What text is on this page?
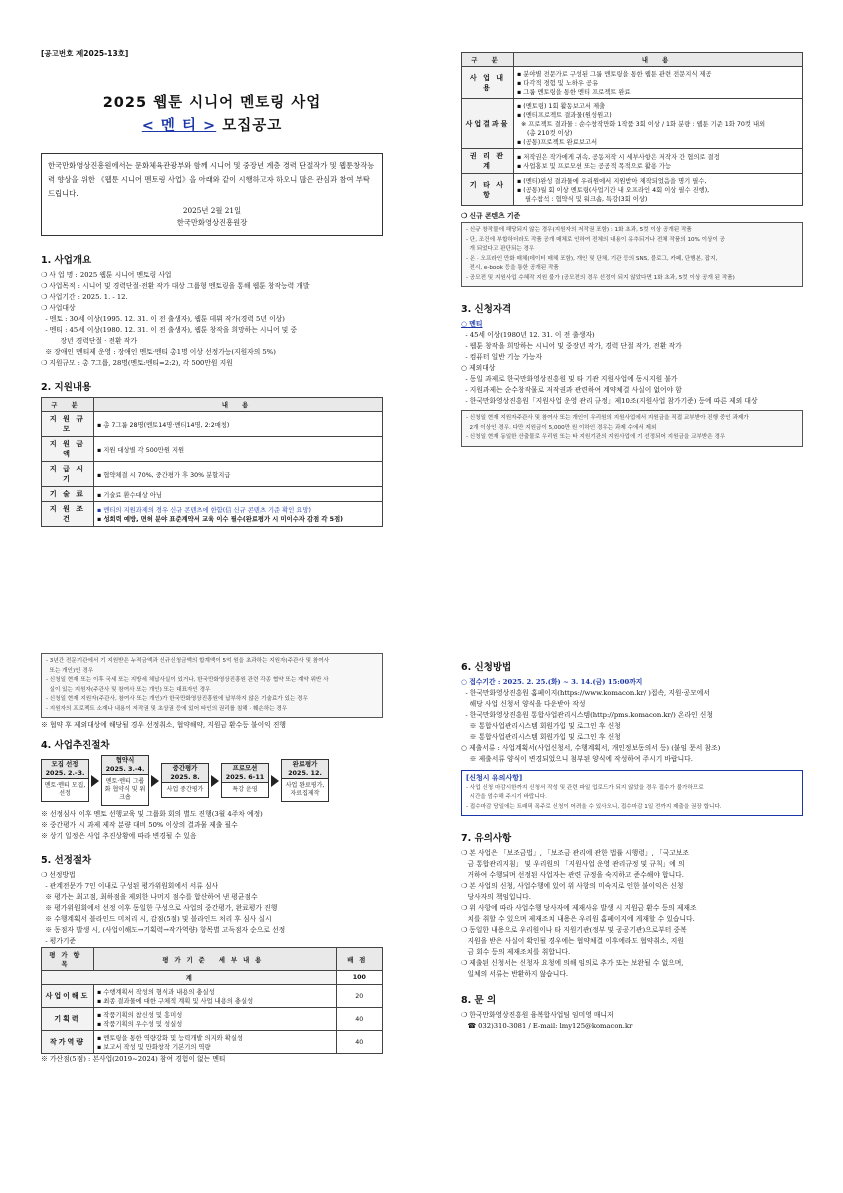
[공고번호 제2025-13호]
2025 웹툰 시니어 멘토링 사업
< 멘 티 > 모집공고
한국만화영상진흥원에서는 문화체육관광부와 함께 시니어 및 중장년 계층 경력 단절작가 및 웹툰창작능력 향상을 위한 《웹툰 시니어 멘토링 사업》을 아래와 같이 시행하고자 하오니 많은 관심과 참여 부탁드립니다.
2025년 2월 21일
한국만화영상진흥원장
1. 사업개요
❍ 사 업 명 : 2025 웹툰 시니어 멘토링 사업
❍ 사업목적 : 시니어 및 경력단절·전환 작가 대상 그룹형 멘토링을 통해 웹툰 창작능력 개발
❍ 사업기간 : 2025. 1. - 12.
❍ 사업대상
- 멘토 : 30세 이상(1995. 12. 31. 이 전 출생자), 웹툰 데뷔 작가(경력 5년 이상)
- 멘티 : 45세 이상(1980. 12. 31. 이 전 출생자), 웹툰 창작을 희망하는 시니어 및 중
장년 경력단절 · 전환 작가
※ 장애인 멘티제 운영 : 장애인 멘토·멘티 총1명 이상 선정가능(지원자의 5%)
❍ 지원규모 : 총 7그룹, 28명(멘토:멘티=2:2), 각 500만원 지원
2. 지원내용
구 분	내 용
지 원 규 모	▪ 총 7그룹 28명(멘토14명·멘티14명, 2:2매칭)
지 원 금 액	▪ 지원 대상별 각 500만원 지원
지 급 시 기	▪ 협약체결 시 70%, 중간평가 후 30% 분할지급
기 술 료	▪ 기술료 환수대상 아님
지 원 조 건	▪ 멘티의 지원과제의 경우 신규 콘텐츠에 한함(信 신규 콘텐츠 기준 확인 요망)
▪ 성희력 예방, 면허 분야 표준계약서 교육 이수 필수(완료평가 시 미이수자 감점 각 5점)
구 분	내 용
사 업 내 용	▪ 분야별 전문가로 구성된 그룹 멘토링을 통한 웹툰 관련 전문지식 제공
▪ 다각적 경험 및 노하우 공유
▪ 그룹 멘토링을 통한 멘티 프로젝트 완료

사업결과물	▪ (멘토링) 1회 활동보고서 제출
▪ (멘티프로젝트 결과물(원성원고)
※ 프로젝트 결과물 : 순수창작만화 1작품 3회 이상 / 1화 분량 : 웹툰 기준 1화 70컷 내외
(총 210컷 이상)
▪ (공통)프로젝트 완료보고서

권 리 관 계	▪ 저작권은 작가에게 귀속, 공동저작 시 세부사항은 저작자 간 협의로 결정
▪ 사업홍보 및 프로모션 또는 공공적 목적으로 활용 가능

기 타 사 항	▪ (멘티)완성 결과물에 우리원에서 지원받아 제작되었음을 명기 필수,
▪ (공통)월 회 이상 멘토링(사업기간 내 오프라인 4회 이상 필수 진행),
필수참석 : 협약식 및 워크숍, 특강(3회 이상)
❍ 신규 콘텐츠 기준
- 신규 창작물에 해당되지 않는 경우(지원자의 저작권 포함) : 1화 초과, 5컷 이상 공개된 작품
- 단, 조건에 부합하더라도 작품 공개 매체로 인하여 전체의 내용이 유추되거나 전체 작품의 10% 이상이 공
개 되었다고 판단되는 경우
- 온 · 오프라인 만화 매체(데이터 매체 포함), 개인 및 단체, 기관 등의 SNS, 블로그, 카페, 단행본, 잡지,
전시, e-book 등을 통한 공개된 작품
- 공모전 및 지원사업 수혜작 지원 불가 (공모전의 경우 선정이 되지 않았다면 1화 초과, 5컷 이상 공개 된 작품)
3. 신청자격
○ 멘티
- 45세 이상(1980년 12. 31. 이 전 출생자)
- 웹툰 창작을 희망하는 시니어 및 중장년 작가, 경력 단절 작가, 전환 작가
- 컴퓨터 일반 기능 가능자
○ 제외대상
- 동일 과제로 한국만화영상진흥원 및 타 기관 지원사업에 동시지원 불가
- 지원과제는 순수창작물로 저작권과 관련하여 계약체결 사실이 없어야 함
- 한국만화영상진흥원「지원사업 운영 관리 규정」제10조(지원사업 참가기준) 등에 따른 제외 대상
- 신청일 현재 지원자주관사 및 참여사 또는 개인이 우리원의 지원사업에서 지원금을 직접 교부받아 진행 중인 과제가
2개 이상인 경우. 다만 지원금이 5,000만 원 이하인 경우는 과제 수에서 제외
- 신청일 현재 동일한 산출물로 우리원 또는 타 지원기관의 지원사업에 기 선정되어 지원금을 교부받은 경우
- 3년간 전문기관에서 기 지원받은 누적금액과 신규신청금액의 합계액이 5억 원을 초과하는 지원자(주관사 및 참여사
또는 개인)인 경우
- 신청일 현재 또는 이후 국세 또는 지방세 체납사실이 있거나, 한국만화영상진흥원 관련 각종 협약 또는 계약 위반 사
실이 있는 지원자(주관사 및 참여사 또는 개인) 또는 대표자인 경우
- 신청일 현재 지원자(주관사, 참여사 또는 개인)가 한국만화영상진흥원에 납부하지 않은 기술료가 있는 경우
- 지원자의 프로젝트 소재나 내용이 저작권 및 초상권 등에 있어 타인의 권리를 침해 · 훼손하는 경우
※ 협약 후 제외대상에 해당될 경우 선정취소, 협약해약, 지원금 환수등 불이익 진행
4. 사업추진절차
모집 선정
2025. 2.-3.
멘토·멘티 모집,선정
협약식
2025. 3.-4.
멘토·멘티 그룹화 협약식 및 워크숍
중간평가
2025. 8.
사업 중간평가
프로모션
2025. 6-11
특강 운영
완료평가
2025. 12.
사업 완료평가, 자료집제작
※ 선정심사 이후 멘토 선행교육 및 그룹화 회의 별도 진행(3월 4주차 예정)
※ 중간평가 시 과제 제작 분량 대비 50% 이상의 결과물 제출 필수
※ 상기 일정은 사업 추진상황에 따라 변경될 수 있음
5. 선정절차
❍ 선정방법
- 관계전문가 7인 이내로 구성된 평가위원회에서 서류 심사
※ 평가는 최고점, 최하점을 제외한 나머지 점수를 합산하여 낸 평균점수
※ 평가위원회에서 선정 이후 동일한 구성으로 사업의 중간평가, 완료평가 진행
※ 수행계획서 블라인드 미처리 시, 감점(5점) 및 블라인드 처리 후 심사 실시
※ 동점자 발생 시, (사업이해도→기획력→작가역량) 항목별 고득점자 순으로 선정
- 평가기준
평가항목	평가기준 세부내용	배점
계		100
사업이해도	▪ 수행계획서 작성의 형식과 내용의 충실성
▪ 최종 결과물에 대한 구체적 계획 및 사업 내용의 충실성	20
기획력	▪ 작품기획의 참신성 및 흥미성
▪ 작품기획의 우수성 및 성실성	40
작가역량	▪ 멘토링을 통한 역량강화 및 능력개발 의지와 확실성
▪ 보고서 작성 및 만화창작 기본기의 역량	40
※ 가산점(5점) : 본사업(2019~2024) 참여 경험이 없는 멘티
6. 신청방법
○ 접수기간 : 2025. 2. 25.(화) ~ 3. 14.(금) 15:00까지
- 한국만화영상진흥원 홈페이지(https://www.komacon.kr/ )접속, 지원·공모에서
해당 사업 신청서 양식을 다운받아 작성
- 한국만화영상진흥원 통합사업관리시스템(http://pms.komacon.kr/) 온라인 신청
※ 통합사업관리시스템 회원가입 및 로그인 후 신청
※ 통합사업관리시스템 회원가입 및 로그인 후 신청
○ 제출서류 : 사업계획서(사업신청서, 수행계획서, 개인정보동의서 등) (붙임 문서 참조)
※ 제출서류 양식이 변경되었으니 첨부된 양식에 작성하여 주시기 바랍니다.
[신청시 유의사항]
- 사업 신청 마감시한까지 신청서 작성 및 관련 파일 업로드가 되지 않았을 경우 접수가 불가하므로
시간을 엄수해 주시기 바랍니다.
- 접수마감 당일에는 트래픽 폭주로 신청이 어려울 수 있사오니, 접수마감 1일 전까지 제출을 권장 합니다.
7. 유의사항
❍ 본 사업은 「보조금법」, 「보조금 관리에 관한 법률 시행령」, 「국고보조
금 통합관리지침」 및 우리원의 「지원사업 운영 관리규정 및 규칙」에 의
거하여 수행되며 선정된 사업자는 관련 규정을 숙지하고 준수해야 합니다.
❍ 본 사업의 신청, 사업수행에 있어 위 사항의 미숙지로 인한 불이익은 신청
당사자의 책임입니다.
❍ 위 사항에 따라 사업수행 당사자에 제재사유 발생 시 지원금 환수 등의 제재조
치를 취할 수 있으며 제재조치 내용은 우리원 홈페이지에 게재할 수 있습니다.
❍ 동일한 내용으로 우리원이나 타 지원기관(정부 및 공공기관)으로부터 중복
지원을 받은 사실이 확인될 경우에는 협약체결 이후에라도 협약취소, 지원
금 회수 등의 제재조치를 취합니다.
❍ 제출된 신청서는 신청자 요청에 의해 임의로 추가 또는 보완될 수 없으며,
일체의 서류는 반환하지 않습니다.
8. 문 의
❍ 한국만화영상진흥원 융복합사업팀 임미영 매니저
☎ 032)310-3081 / E-mail: lmy125@komacon.kr
